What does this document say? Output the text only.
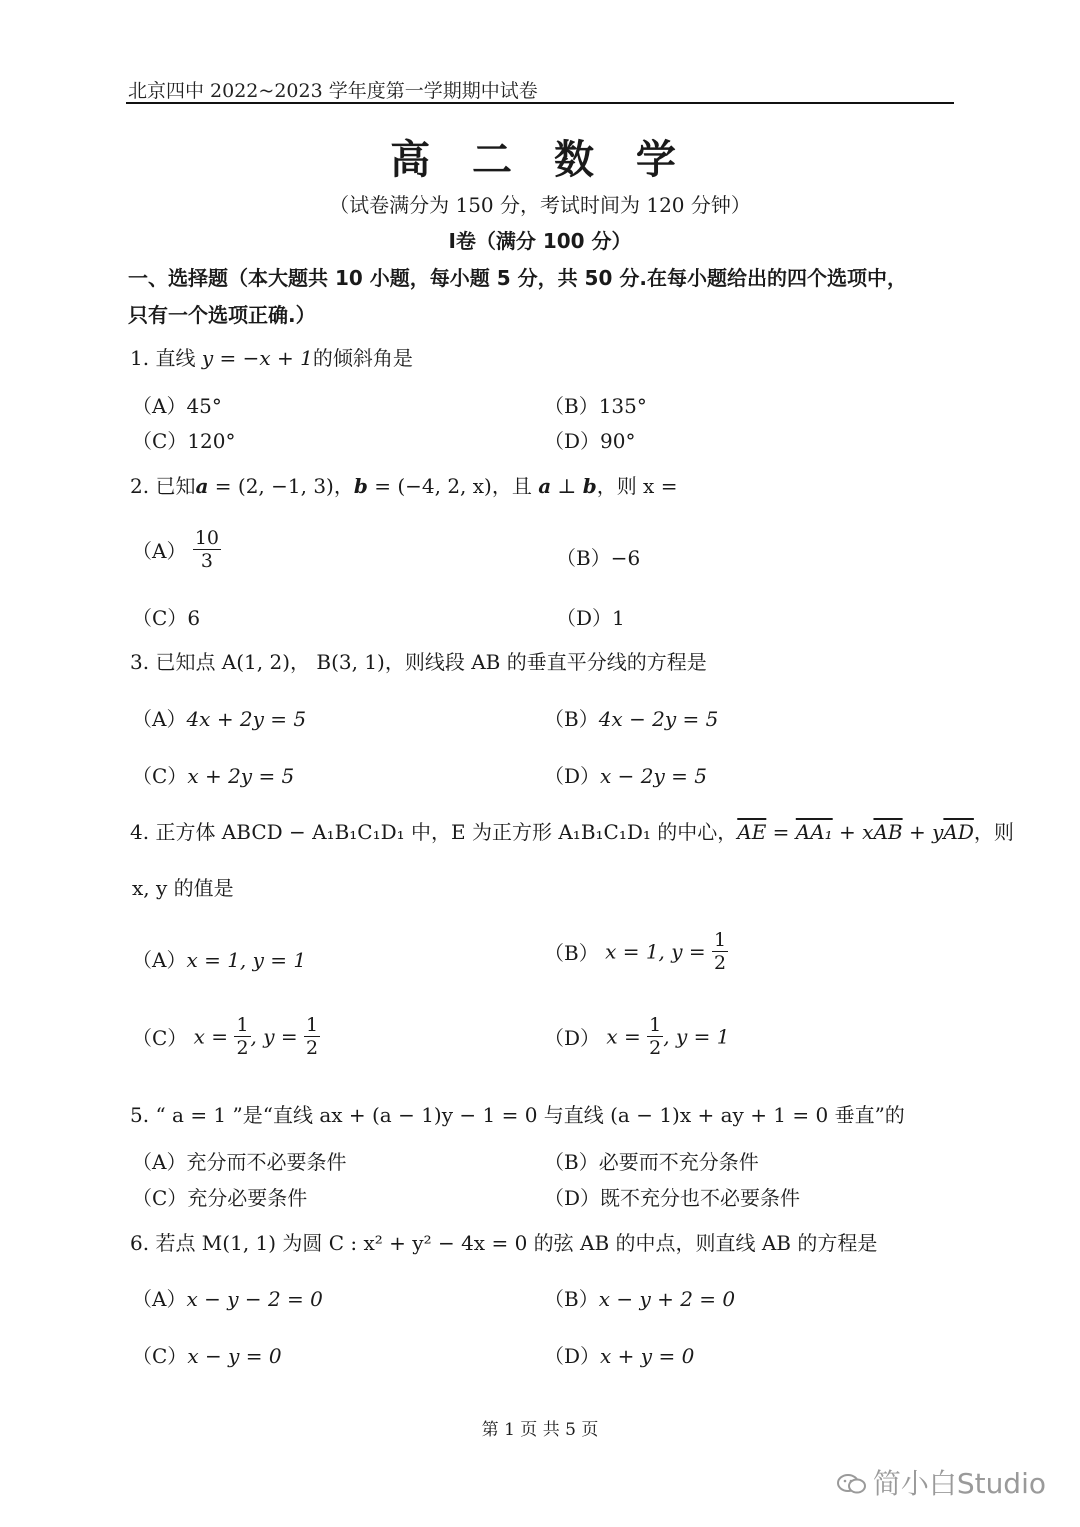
北京四中 2022~2023 学年度第一学期期中试卷
高 二 数 学
（试卷满分为 150 分，考试时间为 120 分钟）
Ⅰ卷（满分 100 分）
一、选择题（本大题共 10 小题，每小题 5 分，共 50 分.在每小题给出的四个选项中，只有一个选项正确.）
1. 直线 y = −x + 1的倾斜角是
（A）45°	（B）135°
（C）120°	（D）90°
2. 已知a = (2, −1, 3)，b = (−4, 2, x)，且 a ⊥ b，则 x =
$(A) \frac{10}{3}$	（B）−6
（C）6	（D）1
3. 已知点 A(1, 2)， B(3, 1)，则线段 AB 的垂直平分线的方程是
（A）4x + 2y = 5	（B）4x − 2y = 5
（C）x + 2y = 5	（D）x − 2y = 5
4. 正方体 ABCD − A₁B₁C₁D₁ 中，E 为正方形 A₁B₁C₁D₁ 的中心，$\overline{AE} = AA_1 + x\overline{AB} + y\overline{AD}$，则
x, y 的值是
（A）x = 1, y = 1	（B） x = 1, $y = \frac{1}{2}$
（C） $x = \frac{1}{2}$ , $y = \frac{1}{2}$	（D） $x = \frac{1}{2}$ , y = 1
5. “ a = 1 ”是“直线 ax + (a − 1)y − 1 = 0 与直线 (a − 1)x + ay + 1 = 0 垂直”的
（A）充分而不必要条件	（B）必要而不充分条件
（C）充分必要条件	（D）既不充分也不必要条件
6. 若点 M(1, 1) 为圆 C : x² + y² − 4x = 0 的弦 AB 的中点，则直线 AB 的方程是
（A）x − y − 2 = 0	（B）x − y + 2 = 0
（C）x − y = 0	（D）x + y = 0
第 1 页 共 5 页
简小白Studio
